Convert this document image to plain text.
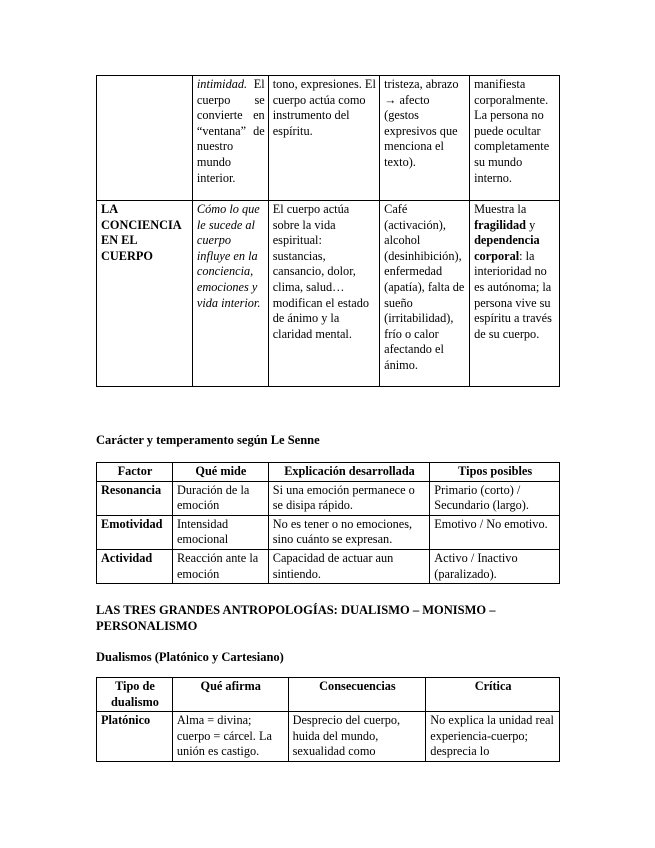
	intimidad. El cuerpo se convierte en “ventana” de nuestro mundo interior.	tono, expresiones. El cuerpo actúa como instrumento del espíritu.	tristeza, abrazo → afecto (gestos expresivos que menciona el texto).	manifiesta corporalmente. La persona no puede ocultar completamente su mundo interno.
LA CONCIENCIA EN EL CUERPO	Cómo lo que le sucede al cuerpo influye en la conciencia, emociones y vida interior.	El cuerpo actúa sobre la vida espiritual: sustancias, cansancio, dolor, clima, salud… modifican el estado de ánimo y la claridad mental.	Café (activación), alcohol (desinhibición), enfermedad (apatía), falta de sueño (irritabilidad), frío o calor afectando el ánimo.	Muestra la fragilidad y dependencia corporal: la interioridad no es autónoma; la persona vive su espíritu a través de su cuerpo.
Carácter y temperamento según Le Senne
Factor	Qué mide	Explicación desarrollada	Tipos posibles
Resonancia	Duración de la emoción	Si una emoción permanece o se disipa rápido.	Primario (corto) / Secundario (largo).
Emotividad	Intensidad emocional	No es tener o no emociones, sino cuánto se expresan.	Emotivo / No emotivo.
Actividad	Reacción ante la emoción	Capacidad de actuar aun sintiendo.	Activo / Inactivo (paralizado).
LAS TRES GRANDES ANTROPOLOGÍAS: DUALISMO – MONISMO – PERSONALISMO
Dualismos (Platónico y Cartesiano)
Tipo de dualismo	Qué afirma	Consecuencias	Crítica
Platónico	Alma = divina; cuerpo = cárcel. La unión es castigo.	Desprecio del cuerpo, huida del mundo, sexualidad como	No explica la unidad real experiencia-cuerpo; desprecia lo
